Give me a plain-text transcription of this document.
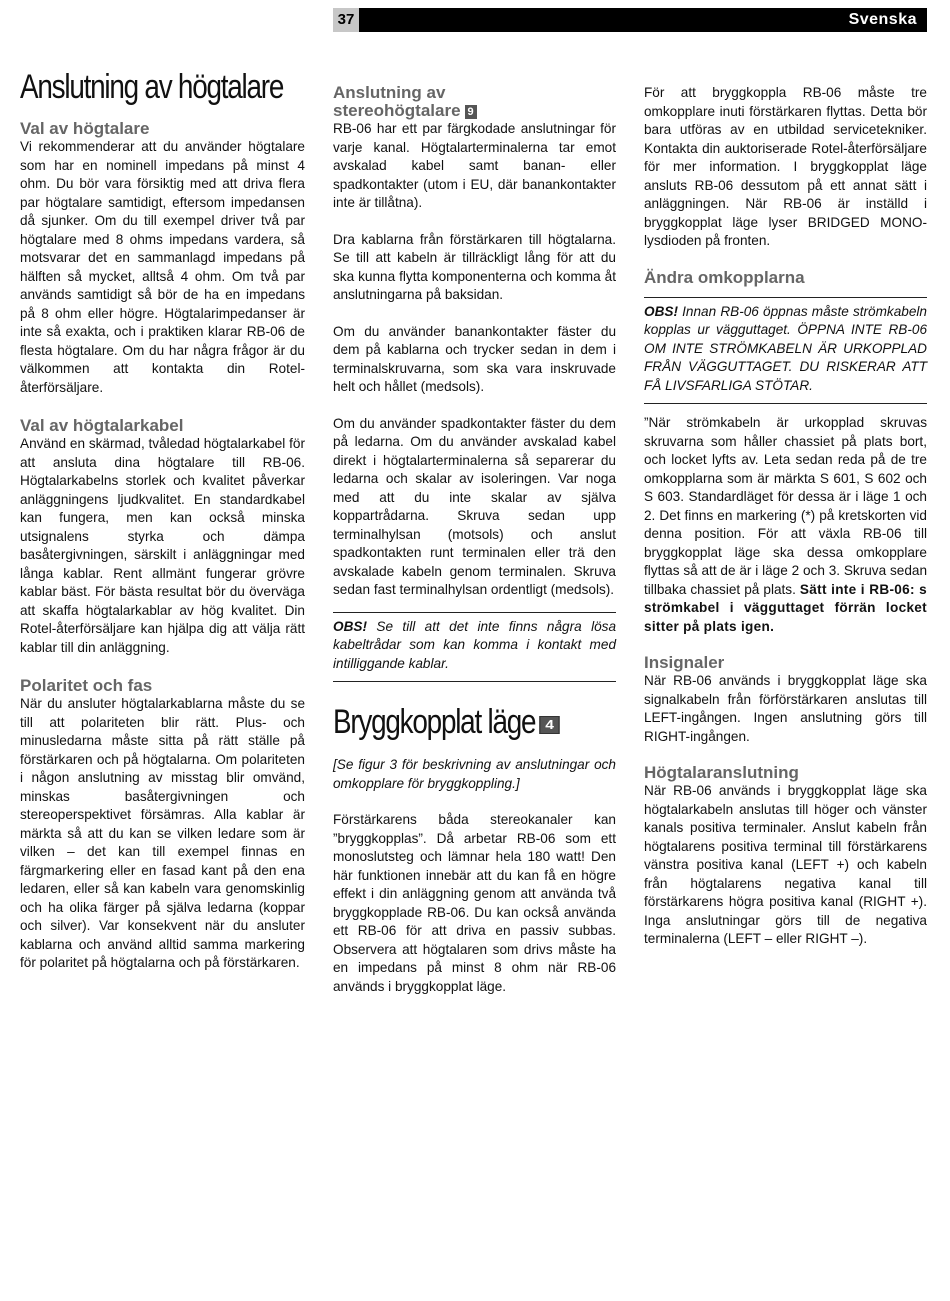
37	Svenska
Anslutning av högtalare
Val av högtalare

Vi rekommenderar att du använder högtalare som har en nominell impedans på minst 4 ohm. Du bör vara försiktig med att driva flera par högtalare samtidigt, eftersom impedansen då sjunker. Om du till exempel driver två par högtalare med 8 ohms impedans vardera, så motsvarar det en sammanlagd impedans på hälften så mycket, alltså 4 ohm. Om två par används samtidigt så bör de ha en impedans på 8 ohm eller högre. Högtalarimpedanser är inte så exakta, och i praktiken klarar RB-06 de flesta högtalare. Om du har några frågor är du välkommen att kontakta din Rotel-återförsäljare.

Val av högtalarkabel

Använd en skärmad, tvåledad högtalarkabel för att ansluta dina högtalare till RB-06. Högtalarkabelns storlek och kvalitet påverkar anläggningens ljudkvalitet. En standardkabel kan fungera, men kan också minska utsignalens styrka och dämpa basåtergivningen, särskilt i anläggningar med långa kablar. Rent allmänt fungerar grövre kablar bäst. För bästa resultat bör du överväga att skaffa högtalarkablar av hög kvalitet. Din Rotel-återförsäljare kan hjälpa dig att välja rätt kablar till din anläggning.

Polaritet och fas

När du ansluter högtalarkablarna måste du se till att polariteten blir rätt. Plus- och minusledarna måste sitta på rätt ställe på förstärkaren och på högtalarna. Om polariteten i någon anslutning av misstag blir omvänd, minskas basåtergivningen och stereoperspektivet försämras. Alla kablar är märkta så att du kan se vilken ledare som är vilken – det kan till exempel finnas en färgmarkering eller en fasad kant på den ena ledaren, eller så kan kabeln vara genomskinlig och ha olika färger på själva ledarna (koppar och silver). Var konsekvent när du ansluter kablarna och använd alltid samma markering för polaritet på högtalarna och på förstärkaren.

Anslutning av
stereohögtalare 9

RB-06 har ett par färgkodade anslutningar för varje kanal. Högtalarterminalerna tar emot avskalad kabel samt banan- eller spadkontakter (utom i EU, där banankontakter inte är tillåtna).

Dra kablarna från förstärkaren till högtalarna. Se till att kabeln är tillräckligt lång för att du ska kunna flytta komponenterna och komma åt anslutningarna på baksidan.

Om du använder banankontakter fäster du dem på kablarna och trycker sedan in dem i terminalskruvarna, som ska vara inskruvade helt och hållet (medsols).

Om du använder spadkontakter fäster du dem på ledarna. Om du använder avskalad kabel direkt i högtalarterminalerna så separerar du ledarna och skalar av isoleringen. Var noga med att du inte skalar av själva koppartrådarna. Skruva sedan upp terminalhylsan (motsols) och anslut spadkontakten runt terminalen eller trä den avskalade kabeln genom terminalen. Skruva sedan fast terminalhylsan ordentligt (medsols).

OBS! Se till att det inte finns några lösa kabeltrådar som kan komma i kontakt med intilliggande kablar.

Bryggkopplat läge 4

[Se figur 3 för beskrivning av anslutningar och omkopplare för bryggkoppling.]

Förstärkarens båda stereokanaler kan ”bryggkopplas”. Då arbetar RB-06 som ett monoslutsteg och lämnar hela 180 watt! Den här funktionen innebär att du kan få en högre effekt i din anläggning genom att använda två bryggkopplade RB-06. Du kan också använda ett RB-06 för att driva en passiv subbas. Observera att högtalaren som drivs måste ha en impedans på minst 8 ohm när RB-06 används i bryggkopplat läge.

För att bryggkoppla RB-06 måste tre omkopplare inuti förstärkaren flyttas. Detta bör bara utföras av en utbildad servicetekniker. Kontakta din auktoriserade Rotel-återförsäljare för mer information. I bryggkopplat läge ansluts RB-06 dessutom på ett annat sätt i anläggningen. När RB-06 är inställd i bryggkopplat läge lyser BRIDGED MONO-lysdioden på fronten.

Ändra omkopplarna

OBS! Innan RB-06 öppnas måste strömkabeln kopplas ur vägguttaget. ÖPPNA INTE RB-06 OM INTE STRÖMKABELN ÄR URKOPPLAD FRÅN VÄGGUTTAGET. DU RISKERAR ATT FÅ LIVSFARLIGA STÖTAR.

”När strömkabeln är urkopplad skruvas skruvarna som håller chassiet på plats bort, och locket lyfts av. Leta sedan reda på de tre omkopplarna som är märkta S 601, S 602 och S 603. Standardläget för dessa är i läge 1 och 2. Det finns en markering (*) på kretskorten vid denna position. För att växla RB-06 till bryggkopplat läge ska dessa omkopplare flyttas så att de är i läge 2 och 3. Skruva sedan tillbaka chassiet på plats. Sätt inte i RB-06: s strömkabel i vägguttaget förrän locket sitter på plats igen.

Insignaler

När RB-06 används i bryggkopplat läge ska signalkabeln från förförstärkaren anslutas till LEFT-ingången. Ingen anslutning görs till RIGHT-ingången.

Högtalaranslutning

När RB-06 används i bryggkopplat läge ska högtalarkabeln anslutas till höger och vänster kanals positiva terminaler. Anslut kabeln från högtalarens positiva terminal till förstärkarens vänstra positiva kanal (LEFT +) och kabeln från högtalarens negativa kanal till förstärkarens högra positiva kanal (RIGHT +). Inga anslutningar görs till de negativa terminalerna (LEFT – eller RIGHT –).
